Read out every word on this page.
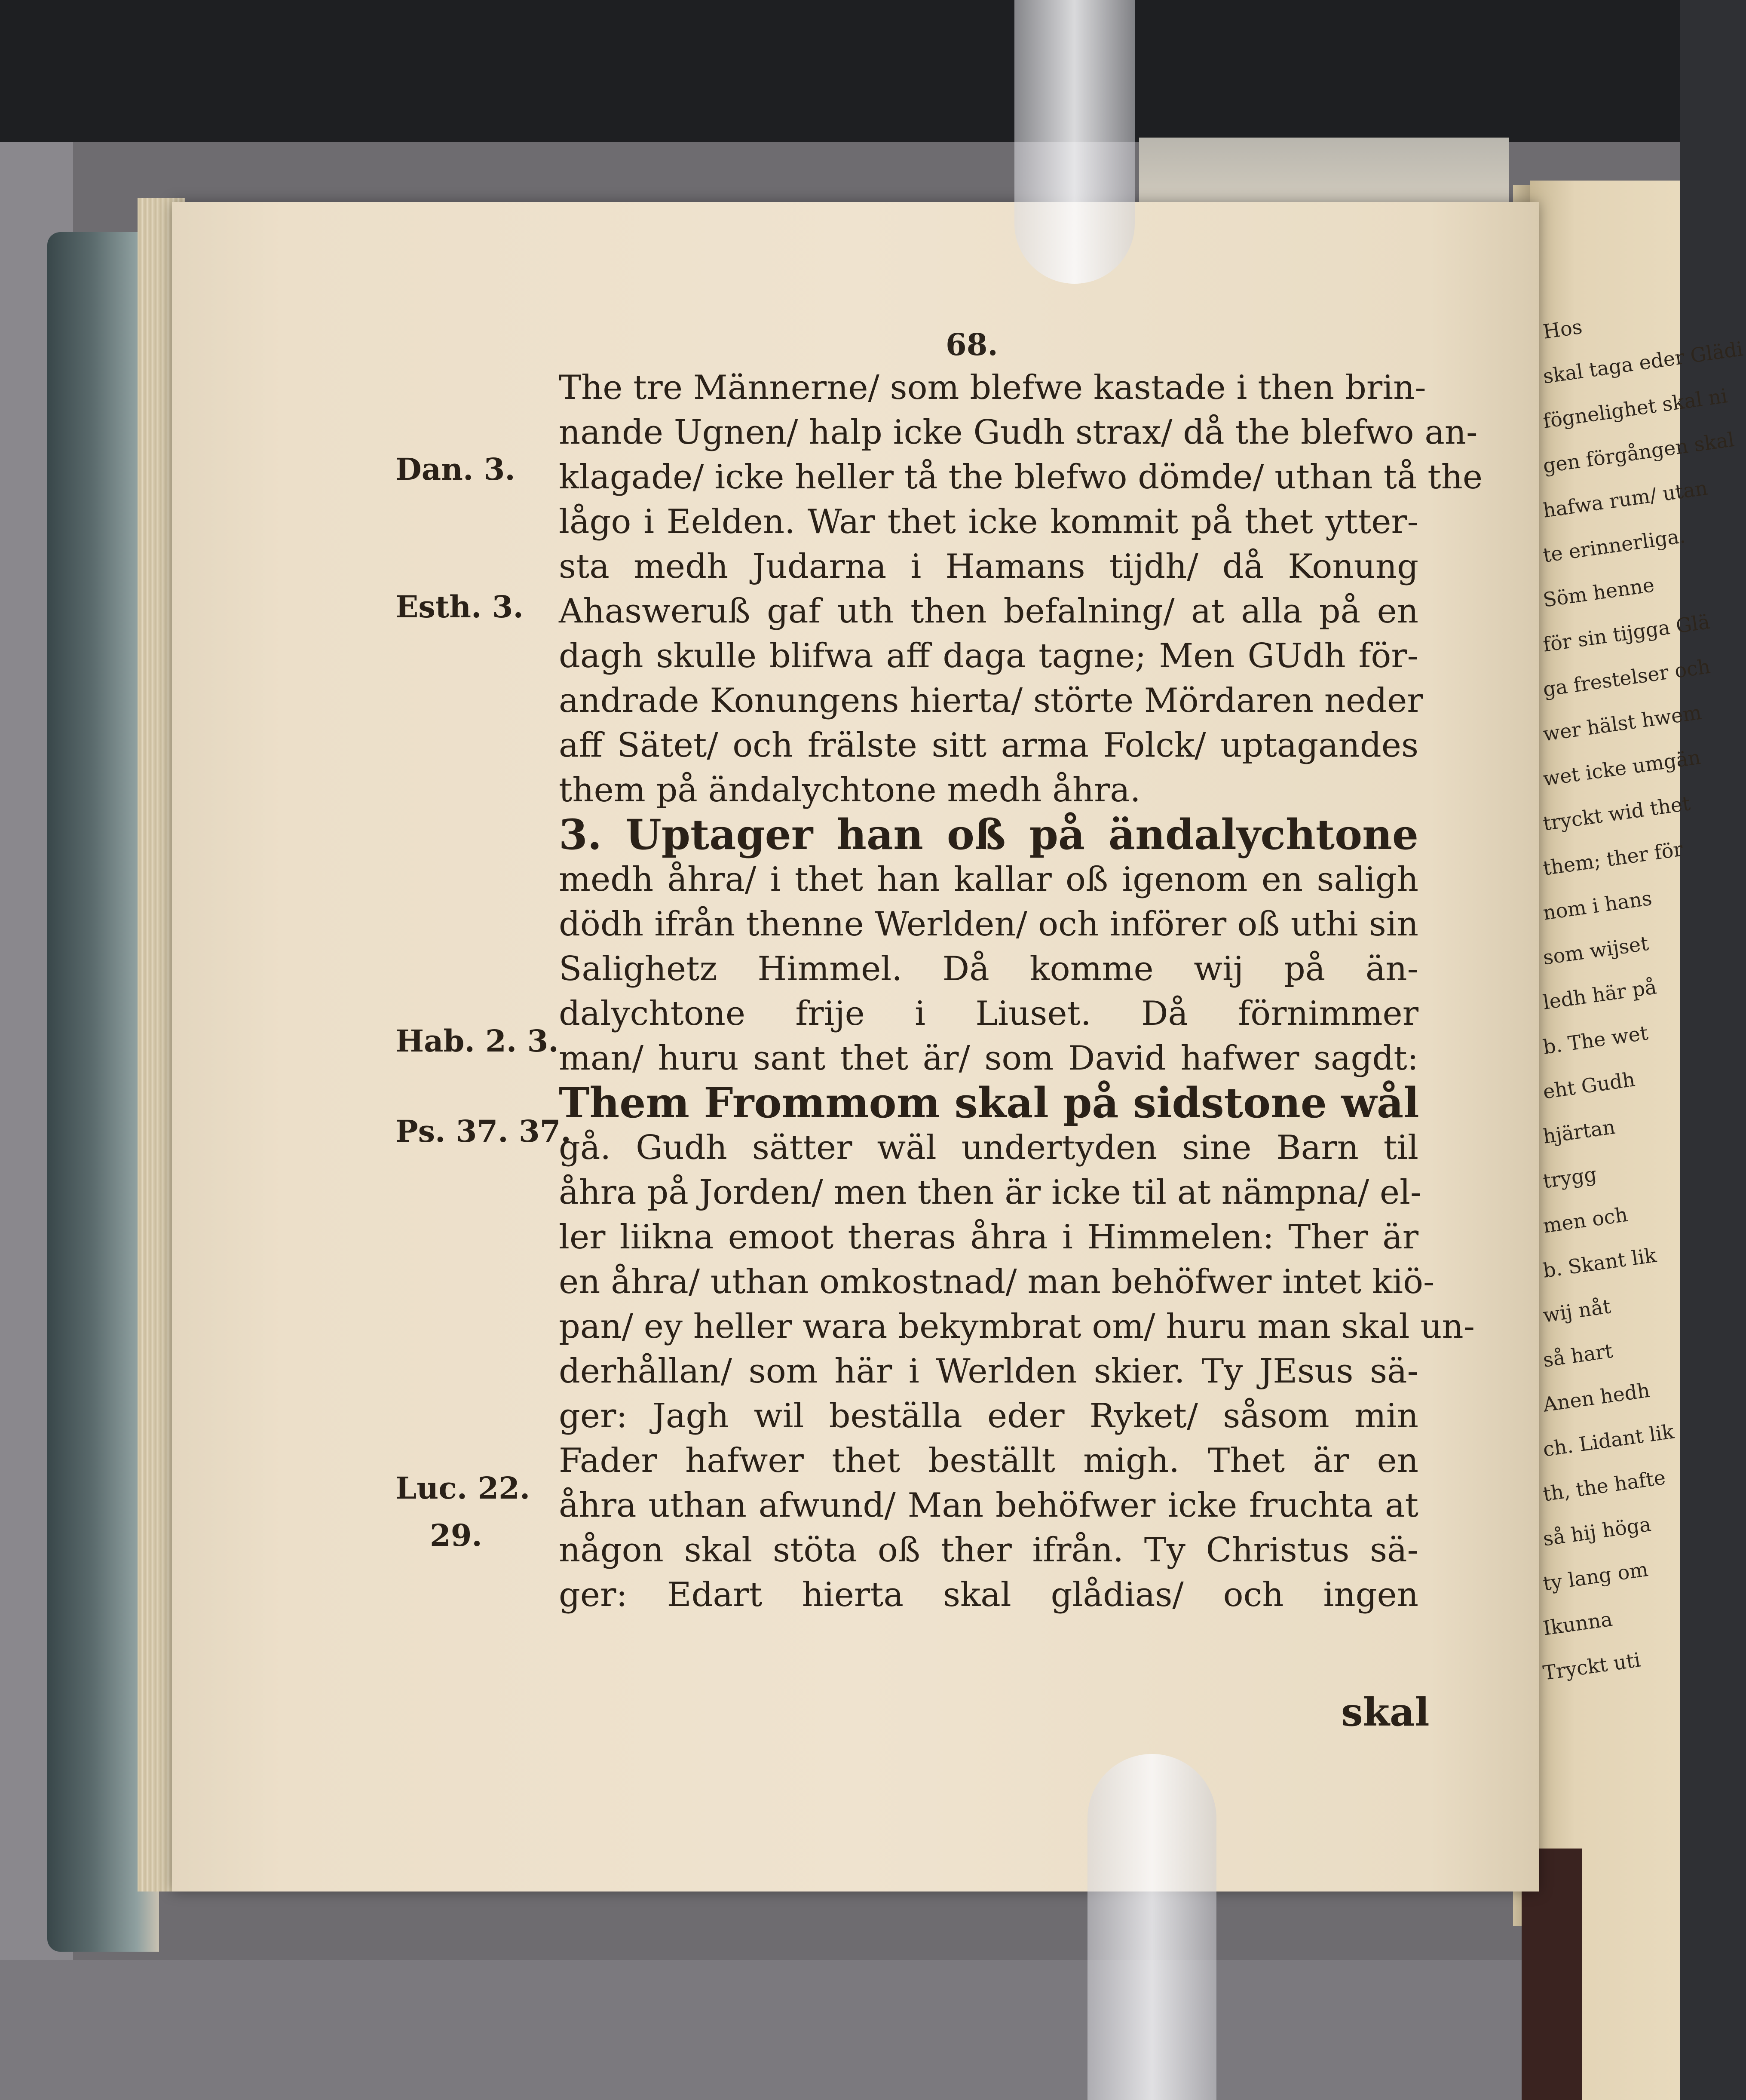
Hos
skal taga eder Glädi
fögnelighet skal ni
gen förgången skal
hafwa rum/ utan
te erinnerliga.
Söm henne
för sin tijgga Glä
ga frestelser och
wer hälst hwem
wet icke umgän
tryckt wid thet
them; ther för
nom i hans
som wijset
ledh här på
b. The wet
eht Gudh
hjärtan
trygg
men och
b. Skant lik
wij nåt
så hart
Anen hedh
ch. Lidant lik
th, the hafte
så hij höga
ty lang om
Ikunna
Tryckt uti
68.
The tre Männerne/ som blefwe kastade i then brin-
nande Ugnen/ halp icke Gudh strax/ då the blefwo an-
klagade/ icke heller tå the blefwo dömde/ uthan tå the
lågo i Eelden. War thet icke kommit på thet ytter-
sta medh Judarna i Hamans tijdh/ då Konung
Ahasweruß gaf uth then befalning/ at alla på en
dagh skulle blifwa aff daga tagne; Men GUdh för-
andrade Konungens hierta/ störte Mördaren neder
aff Sätet/ och frälste sitt arma Folck/ uptagandes
them på ändalychtone medh åhra.
3. Uptager han oß på ändalychtone
medh åhra/ i thet han kallar oß igenom en saligh
dödh ifrån thenne Werlden/ och införer oß uthi sin
Salighetz Himmel. Då komme wij på än-
dalychtone frije i Liuset. Då förnimmer
man/ huru sant thet är/ som David hafwer sagdt:
Them Frommom skal på sidstone wål
gå. Gudh sätter wäl undertyden sine Barn til
åhra på Jorden/ men then är icke til at nämpna/ el-
ler liikna emoot theras åhra i Himmelen: Ther är
en åhra/ uthan omkostnad/ man behöfwer intet kiö-
pan/ ey heller wara bekymbrat om/ huru man skal un-
derhållan/ som här i Werlden skier. Ty JEsus sä-
ger: Jagh wil beställa eder Ryket/ såsom min
Fader hafwer thet beställt migh. Thet är en
åhra uthan afwund/ Man behöfwer icke fruchta at
någon skal stöta oß ther ifrån. Ty Christus sä-
ger: Edart hierta skal glådias/ och ingen
skal
Dan. 3.
Esth. 3.
Hab. 2. 3.
Ps. 37. 37.
Luc. 22.
29.
